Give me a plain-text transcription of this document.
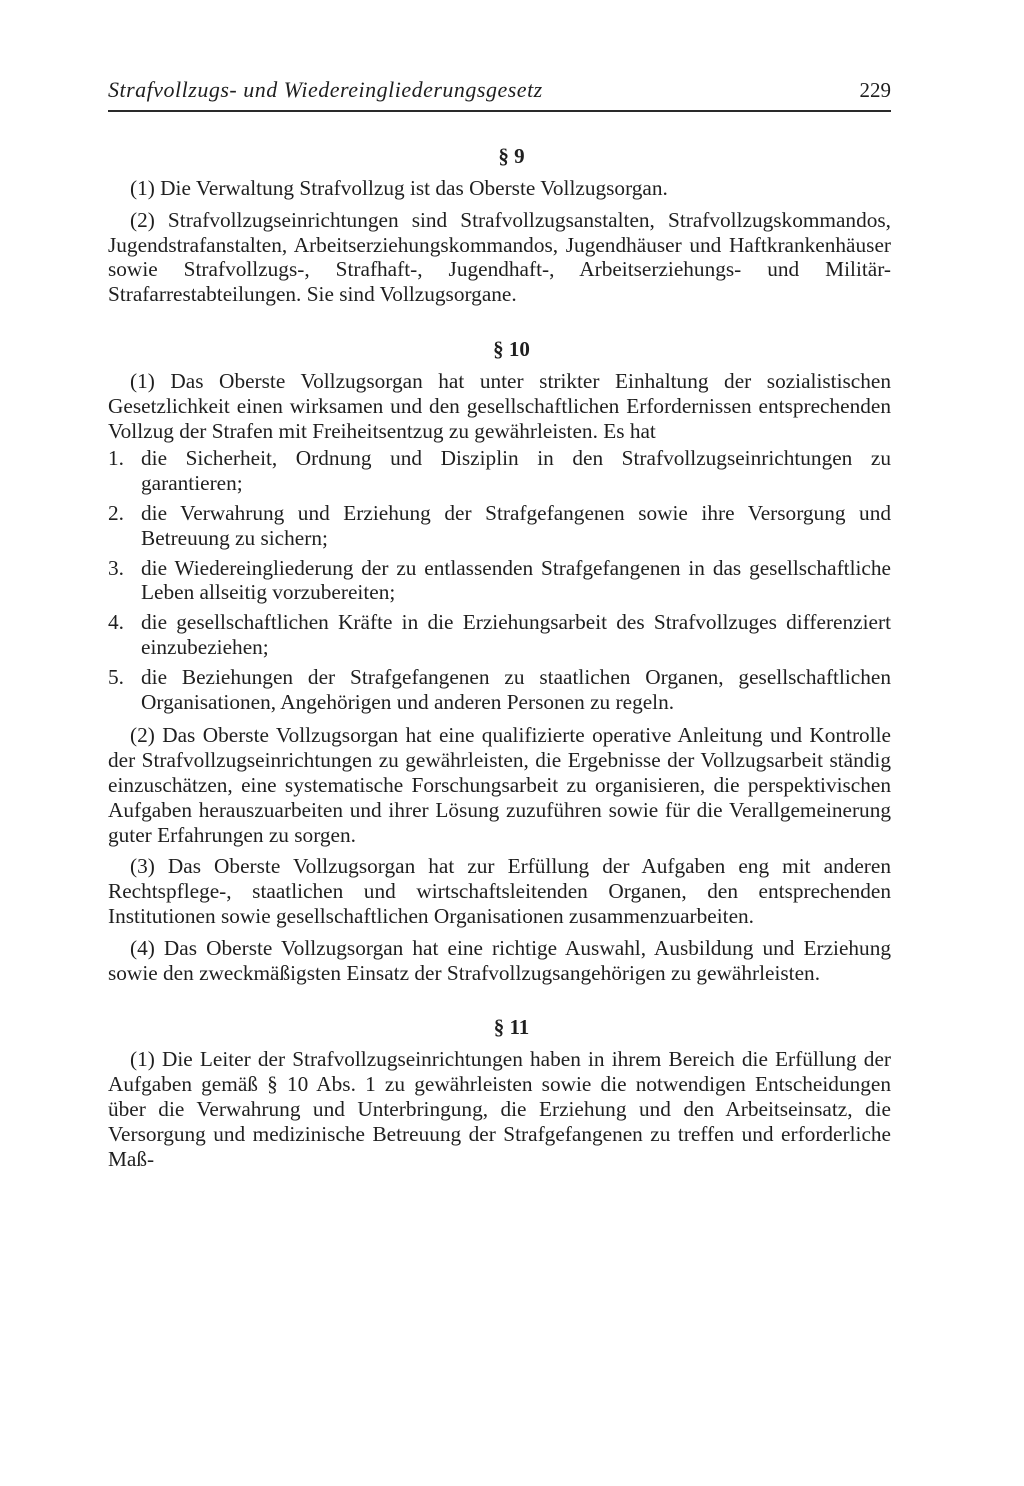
Strafvollzugs- und Wiedereingliederungsgesetz	229
§ 9

(1) Die Verwaltung Strafvollzug ist das Oberste Vollzugsorgan.

(2) Strafvollzugseinrichtungen sind Strafvollzugsanstalten, Strafvollzugskommandos, Jugendstrafanstalten, Arbeitserziehungskommandos, Jugendhäuser und Haftkrankenhäuser sowie Strafvollzugs-, Strafhaft-, Jugendhaft-, Arbeitserziehungs- und Militär-Strafarrestabteilungen. Sie sind Vollzugsorgane.

§ 10

(1) Das Oberste Vollzugsorgan hat unter strikter Einhaltung der sozialistischen Gesetzlichkeit einen wirksamen und den gesellschaftlichen Erfordernissen entsprechenden Vollzug der Strafen mit Freiheitsentzug zu gewährleisten. Es hat

1. die Sicherheit, Ordnung und Disziplin in den Strafvollzugseinrichtungen zu garantieren;
2. die Verwahrung und Erziehung der Strafgefangenen sowie ihre Versorgung und Betreuung zu sichern;
3. die Wiedereingliederung der zu entlassenden Strafgefangenen in das gesellschaftliche Leben allseitig vorzubereiten;
4. die gesellschaftlichen Kräfte in die Erziehungsarbeit des Strafvollzuges differenziert einzubeziehen;
5. die Beziehungen der Strafgefangenen zu staatlichen Organen, gesellschaftlichen Organisationen, Angehörigen und anderen Personen zu regeln.

(2) Das Oberste Vollzugsorgan hat eine qualifizierte operative Anleitung und Kontrolle der Strafvollzugseinrichtungen zu gewährleisten, die Ergebnisse der Vollzugsarbeit ständig einzuschätzen, eine systematische Forschungsarbeit zu organisieren, die perspektivischen Aufgaben herauszuarbeiten und ihrer Lösung zuzuführen sowie für die Verallgemeinerung guter Erfahrungen zu sorgen.

(3) Das Oberste Vollzugsorgan hat zur Erfüllung der Aufgaben eng mit anderen Rechtspflege-, staatlichen und wirtschaftsleitenden Organen, den entsprechenden Institutionen sowie gesellschaftlichen Organisationen zusammenzuarbeiten.

(4) Das Oberste Vollzugsorgan hat eine richtige Auswahl, Ausbildung und Erziehung sowie den zweckmäßigsten Einsatz der Strafvollzugsangehörigen zu gewährleisten.

§ 11

(1) Die Leiter der Strafvollzugseinrichtungen haben in ihrem Bereich die Erfüllung der Aufgaben gemäß § 10 Abs. 1 zu gewährleisten sowie die notwendigen Entscheidungen über die Verwahrung und Unterbringung, die Erziehung und den Arbeitseinsatz, die Versorgung und medizinische Betreuung der Strafgefangenen zu treffen und erforderliche Maß-
